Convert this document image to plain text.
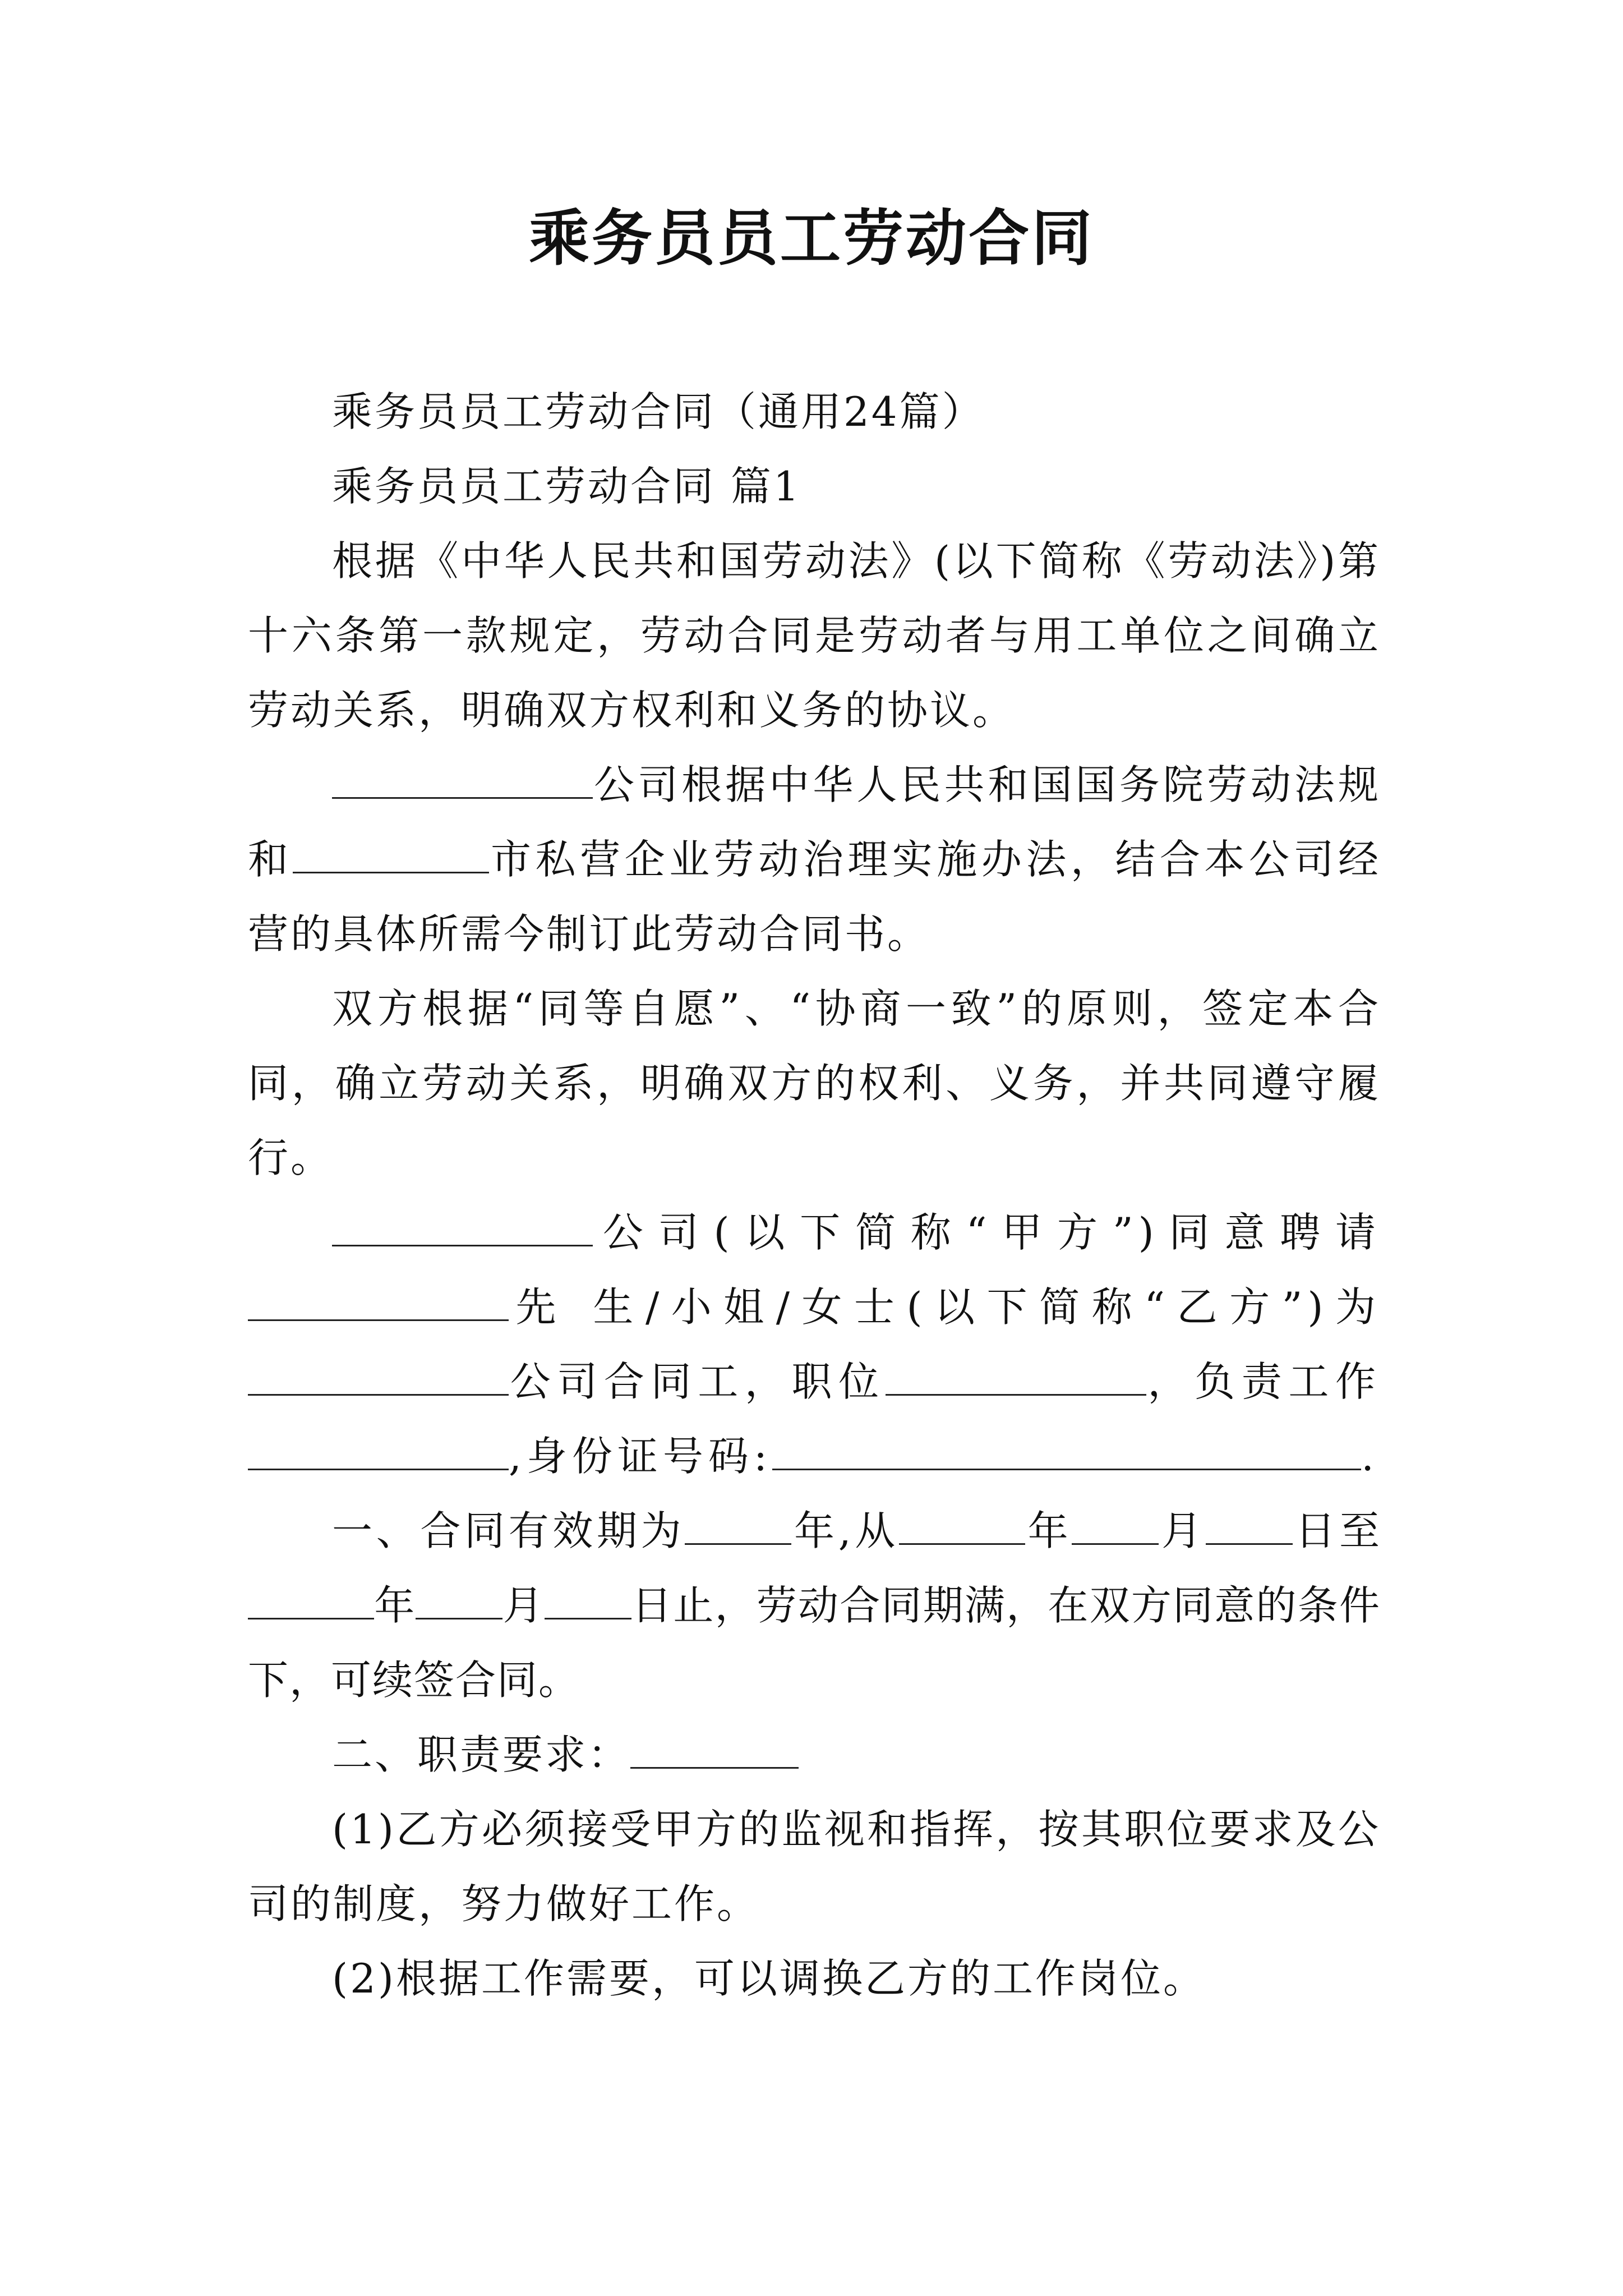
乘务员员工劳动合同

乘务员员工劳动合同（通用24篇）

乘务员员工劳动合同 篇1

根据《中华人民共和国劳动法》(以下简称《劳动法》)第十六条第一款规定，劳动合同是劳动者与用工单位之间确立劳动关系，明确双方权利和义务的协议。

公司根据中华人民共和国国务院劳动法规和	市私营企业劳动治理实施办法，结合本公司经营的具体所需今制订此劳动合同书。

双方根据“同等自愿”、“协商一致”的原则，签定本合同，确立劳动关系，明确双方的权利、义务，并共同遵守履行。

公司(以下简称“甲方”)同意聘请先 生/小姐/女士(以下简称“乙方”)为公司合同工，职位	，负责工作,身份证号码:	.

一、合同有效期为	年,从	年 月 日至年 月 日止，劳动合同期满，在双方同意的条件下，可续签合同。

二、职责要求：

(1)乙方必须接受甲方的监视和指挥，按其职位要求及公司的制度，努力做好工作。

(2)根据工作需要，可以调换乙方的工作岗位。
